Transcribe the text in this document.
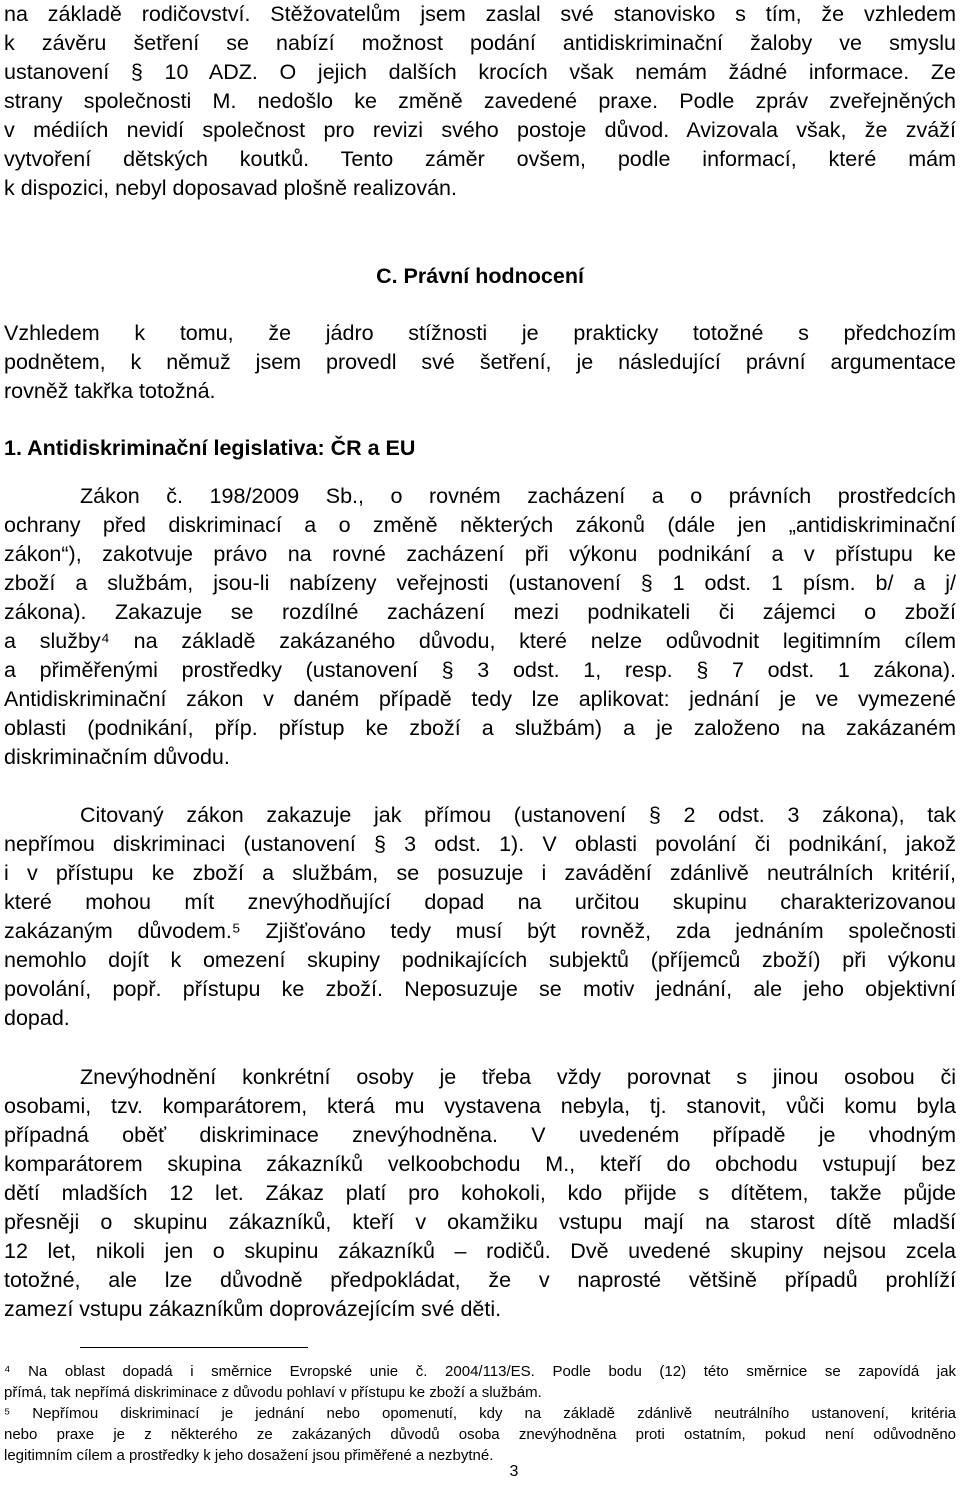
na základě rodičovství. Stěžovatelům jsem zaslal své stanovisko s tím, že vzhledem
k závěru šetření se nabízí možnost podání antidiskriminační žaloby ve smyslu
ustanovení § 10 ADZ. O jejich dalších krocích však nemám žádné informace. Ze
strany společnosti M. nedošlo ke změně zavedené praxe. Podle zpráv zveřejněných
v médiích nevidí společnost pro revizi svého postoje důvod. Avizovala však, že zváží
vytvoření dětských koutků. Tento záměr ovšem, podle informací, které mám
k dispozici, nebyl doposavad plošně realizován.
C. Právní hodnocení
Vzhledem k tomu, že jádro stížnosti je prakticky totožné s předchozím
podnětem, k němuž jsem provedl své šetření, je následující právní argumentace
rovněž takřka totožná.
1. Antidiskriminační legislativa: ČR a EU
Zákon č. 198/2009 Sb., o rovném zacházení a o právních prostředcích
ochrany před diskriminací a o změně některých zákonů (dále jen „antidiskriminační
zákon“), zakotvuje právo na rovné zacházení při výkonu podnikání a v přístupu ke
zboží a službám, jsou-li nabízeny veřejnosti (ustanovení § 1 odst. 1 písm. b/ a j/
zákona). Zakazuje se rozdílné zacházení mezi podnikateli či zájemci o zboží
a služby⁴ na základě zakázaného důvodu, které nelze odůvodnit legitimním cílem
a přiměřenými prostředky (ustanovení § 3 odst. 1, resp. § 7 odst. 1 zákona).
Antidiskriminační zákon v daném případě tedy lze aplikovat: jednání je ve vymezené
oblasti (podnikání, příp. přístup ke zboží a službám) a je založeno na zakázaném
diskriminačním důvodu.
Citovaný zákon zakazuje jak přímou (ustanovení § 2 odst. 3 zákona), tak
nepřímou diskriminaci (ustanovení § 3 odst. 1). V oblasti povolání či podnikání, jakož
i v přístupu ke zboží a službám, se posuzuje i zavádění zdánlivě neutrálních kritérií,
které mohou mít znevýhodňující dopad na určitou skupinu charakterizovanou
zakázaným důvodem.⁵ Zjišťováno tedy musí být rovněž, zda jednáním společnosti
nemohlo dojít k omezení skupiny podnikajících subjektů (příjemců zboží) při výkonu
povolání, popř. přístupu ke zboží. Neposuzuje se motiv jednání, ale jeho objektivní
dopad.
Znevýhodnění konkrétní osoby je třeba vždy porovnat s jinou osobou či
osobami, tzv. komparátorem, která mu vystavena nebyla, tj. stanovit, vůči komu byla
případná oběť diskriminace znevýhodněna. V uvedeném případě je vhodným
komparátorem skupina zákazníků velkoobchodu M., kteří do obchodu vstupují bez
dětí mladších 12 let. Zákaz platí pro kohokoli, kdo přijde s dítětem, takže půjde
přesněji o skupinu zákazníků, kteří v okamžiku vstupu mají na starost dítě mladší
12 let, nikoli jen o skupinu zákazníků – rodičů. Dvě uvedené skupiny nejsou zcela
totožné, ale lze důvodně předpokládat, že v naprosté většině případů prohlíží
zamezí vstupu zákazníkům doprovázejícím své děti.
⁴ Na oblast dopadá i směrnice Evropské unie č. 2004/113/ES. Podle bodu (12) této směrnice se zapovídá jak
přímá, tak nepřímá diskriminace z důvodu pohlaví v přístupu ke zboží a službám.
⁵ Nepřímou diskriminací je jednání nebo opomenutí, kdy na základě zdánlivě neutrálního ustanovení, kritéria
nebo praxe je z některého ze zakázaných důvodů osoba znevýhodněna proti ostatním, pokud není odůvodněno
legitimním cílem a prostředky k jeho dosažení jsou přiměřené a nezbytné.
3
